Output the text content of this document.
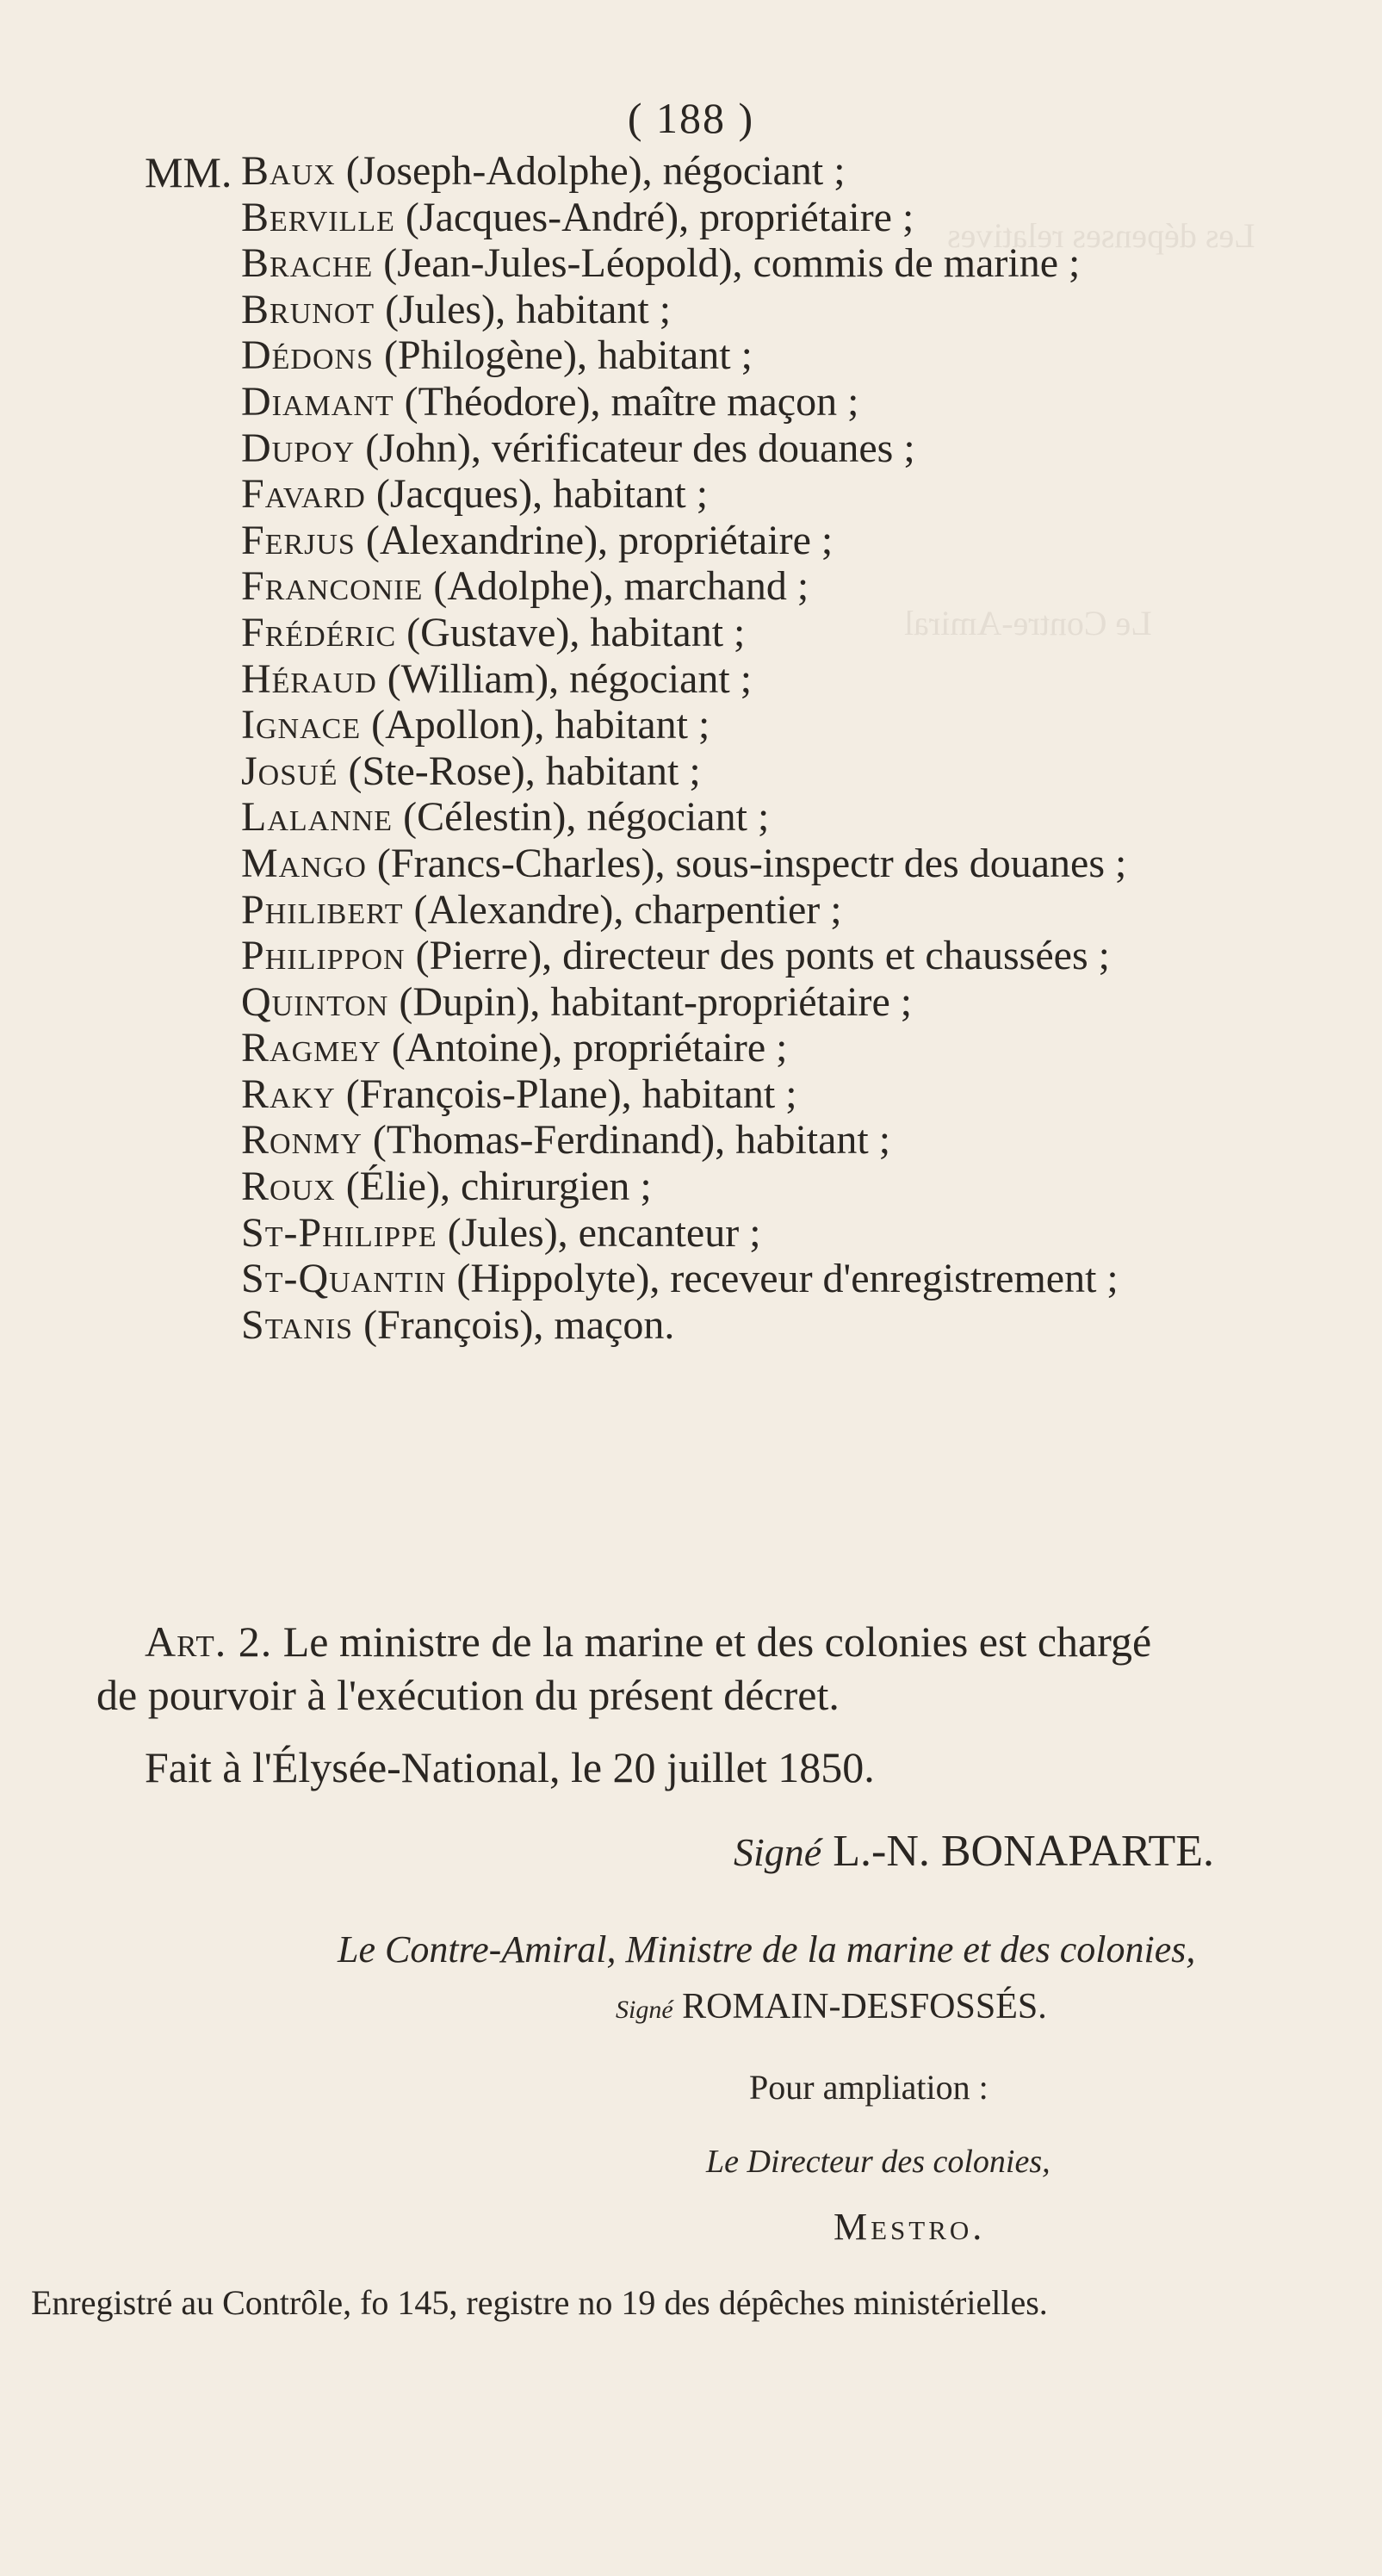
Les dépenses relatives
Le Contre-Amiral
( 188 )
MM. Baux (Joseph-Adolphe), négociant ;
Berville (Jacques-André), propriétaire ;
Brache (Jean-Jules-Léopold), commis de marine ;
Brunot (Jules), habitant ;
Dédons (Philogène), habitant ;
Diamant (Théodore), maître maçon ;
Dupoy (John), vérificateur des douanes ;
Favard (Jacques), habitant ;
Ferjus (Alexandrine), propriétaire ;
Franconie (Adolphe), marchand ;
Frédéric (Gustave), habitant ;
Héraud (William), négociant ;
Ignace (Apollon), habitant ;
Josué (Ste-Rose), habitant ;
Lalanne (Célestin), négociant ;
Mango (Francs-Charles), sous-inspectr des douanes ;
Philibert (Alexandre), charpentier ;
Philippon (Pierre), directeur des ponts et chaussées ;
Quinton (Dupin), habitant-propriétaire ;
Ragmey (Antoine), propriétaire ;
Raky (François-Plane), habitant ;
Ronmy (Thomas-Ferdinand), habitant ;
Roux (Élie), chirurgien ;
St-Philippe (Jules), encanteur ;
St-Quantin (Hippolyte), receveur d'enregistrement ;
Stanis (François), maçon.
Art. 2. Le ministre de la marine et des colonies est chargé
de pourvoir à l'exécution du présent décret.
Fait à l'Élysée-National, le 20 juillet 1850.
Signé L.-N. BONAPARTE.
Le Contre-Amiral, Ministre de la marine et des colonies,
Signé ROMAIN-DESFOSSÉS.
Pour ampliation :
Le Directeur des colonies,
Mestro.
Enregistré au Contrôle, fo 145, registre no 19 des dépêches ministérielles.
